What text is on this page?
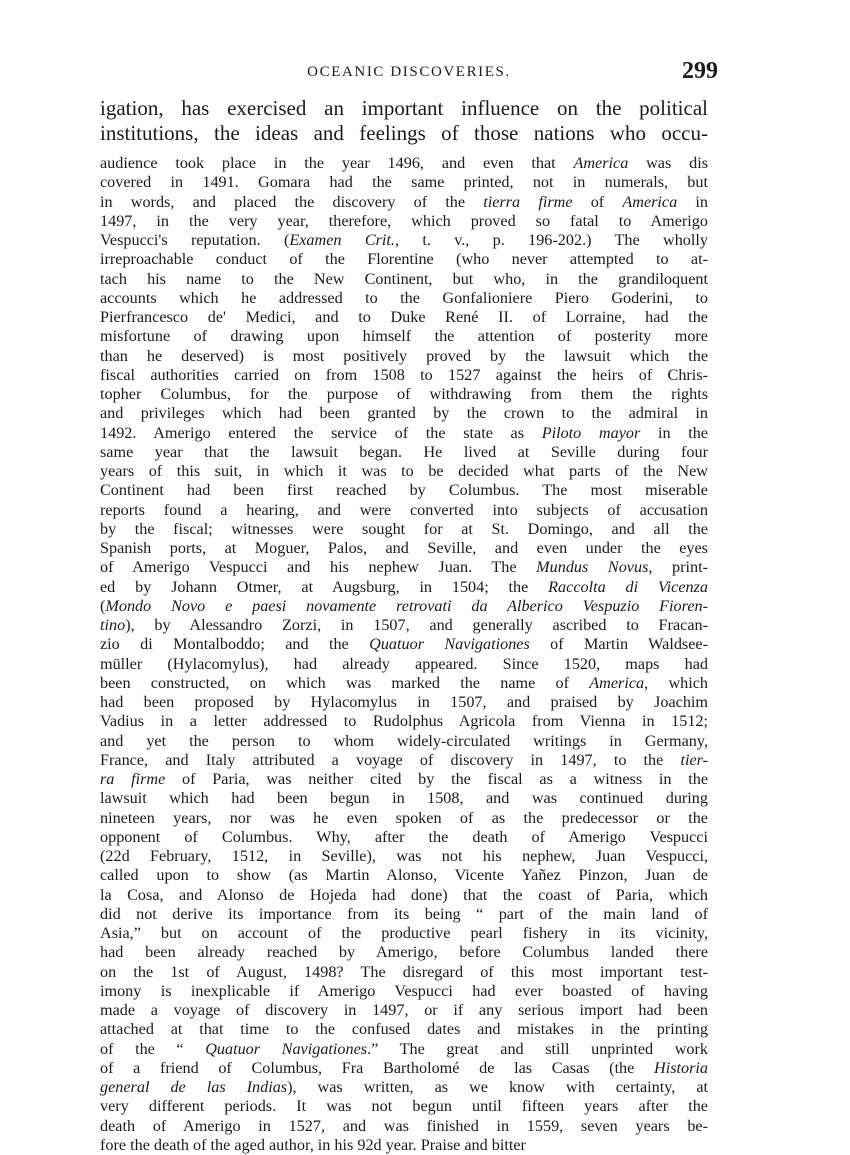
OCEANIC DISCOVERIES.	299
igation, has exercised an important influence on the political
institutions, the ideas and feelings of those nations who occu-
audience took place in the year 1496, and even that America was dis
covered in 1491. Gomara had the same printed, not in numerals, but
in words, and placed the discovery of the tierra firme of America in
1497, in the very year, therefore, which proved so fatal to Amerigo
Vespucci's reputation. (Examen Crit., t. v., p. 196-202.) The wholly
irreproachable conduct of the Florentine (who never attempted to at-
tach his name to the New Continent, but who, in the grandiloquent
accounts which he addressed to the Gonfalioniere Piero Goderini, to
Pierfrancesco de' Medici, and to Duke René II. of Lorraine, had the
misfortune of drawing upon himself the attention of posterity more
than he deserved) is most positively proved by the lawsuit which the
fiscal authorities carried on from 1508 to 1527 against the heirs of Chris-
topher Columbus, for the purpose of withdrawing from them the rights
and privileges which had been granted by the crown to the admiral in
1492. Amerigo entered the service of the state as Piloto mayor in the
same year that the lawsuit began. He lived at Seville during four
years of this suit, in which it was to be decided what parts of the New
Continent had been first reached by Columbus. The most miserable
reports found a hearing, and were converted into subjects of accusation
by the fiscal; witnesses were sought for at St. Domingo, and all the
Spanish ports, at Moguer, Palos, and Seville, and even under the eyes
of Amerigo Vespucci and his nephew Juan. The Mundus Novus, print-
ed by Johann Otmer, at Augsburg, in 1504; the Raccolta di Vicenza
(Mondo Novo e paesi novamente retrovati da Alberico Vespuzio Fioren-
tino), by Alessandro Zorzi, in 1507, and generally ascribed to Fracan-
zio di Montalboddo; and the Quatuor Navigationes of Martin Waldsee-
müller (Hylacomylus), had already appeared. Since 1520, maps had
been constructed, on which was marked the name of America, which
had been proposed by Hylacomylus in 1507, and praised by Joachim
Vadius in a letter addressed to Rudolphus Agricola from Vienna in 1512;
and yet the person to whom widely-circulated writings in Germany,
France, and Italy attributed a voyage of discovery in 1497, to the tier-
ra firme of Paria, was neither cited by the fiscal as a witness in the
lawsuit which had been begun in 1508, and was continued during
nineteen years, nor was he even spoken of as the predecessor or the
opponent of Columbus. Why, after the death of Amerigo Vespucci
(22d February, 1512, in Seville), was not his nephew, Juan Vespucci,
called upon to show (as Martin Alonso, Vicente Yañez Pinzon, Juan de
la Cosa, and Alonso de Hojeda had done) that the coast of Paria, which
did not derive its importance from its being “ part of the main land of
Asia,” but on account of the productive pearl fishery in its vicinity,
had been already reached by Amerigo, before Columbus landed there
on the 1st of August, 1498? The disregard of this most important test-
imony is inexplicable if Amerigo Vespucci had ever boasted of having
made a voyage of discovery in 1497, or if any serious import had been
attached at that time to the confused dates and mistakes in the printing
of the “ Quatuor Navigationes.” The great and still unprinted work
of a friend of Columbus, Fra Bartholomé de las Casas (the Historia
general de las Indias), was written, as we know with certainty, at
very different periods. It was not begun until fifteen years after the
death of Amerigo in 1527, and was finished in 1559, seven years be-
fore the death of the aged author, in his 92d year. Praise and bitter
